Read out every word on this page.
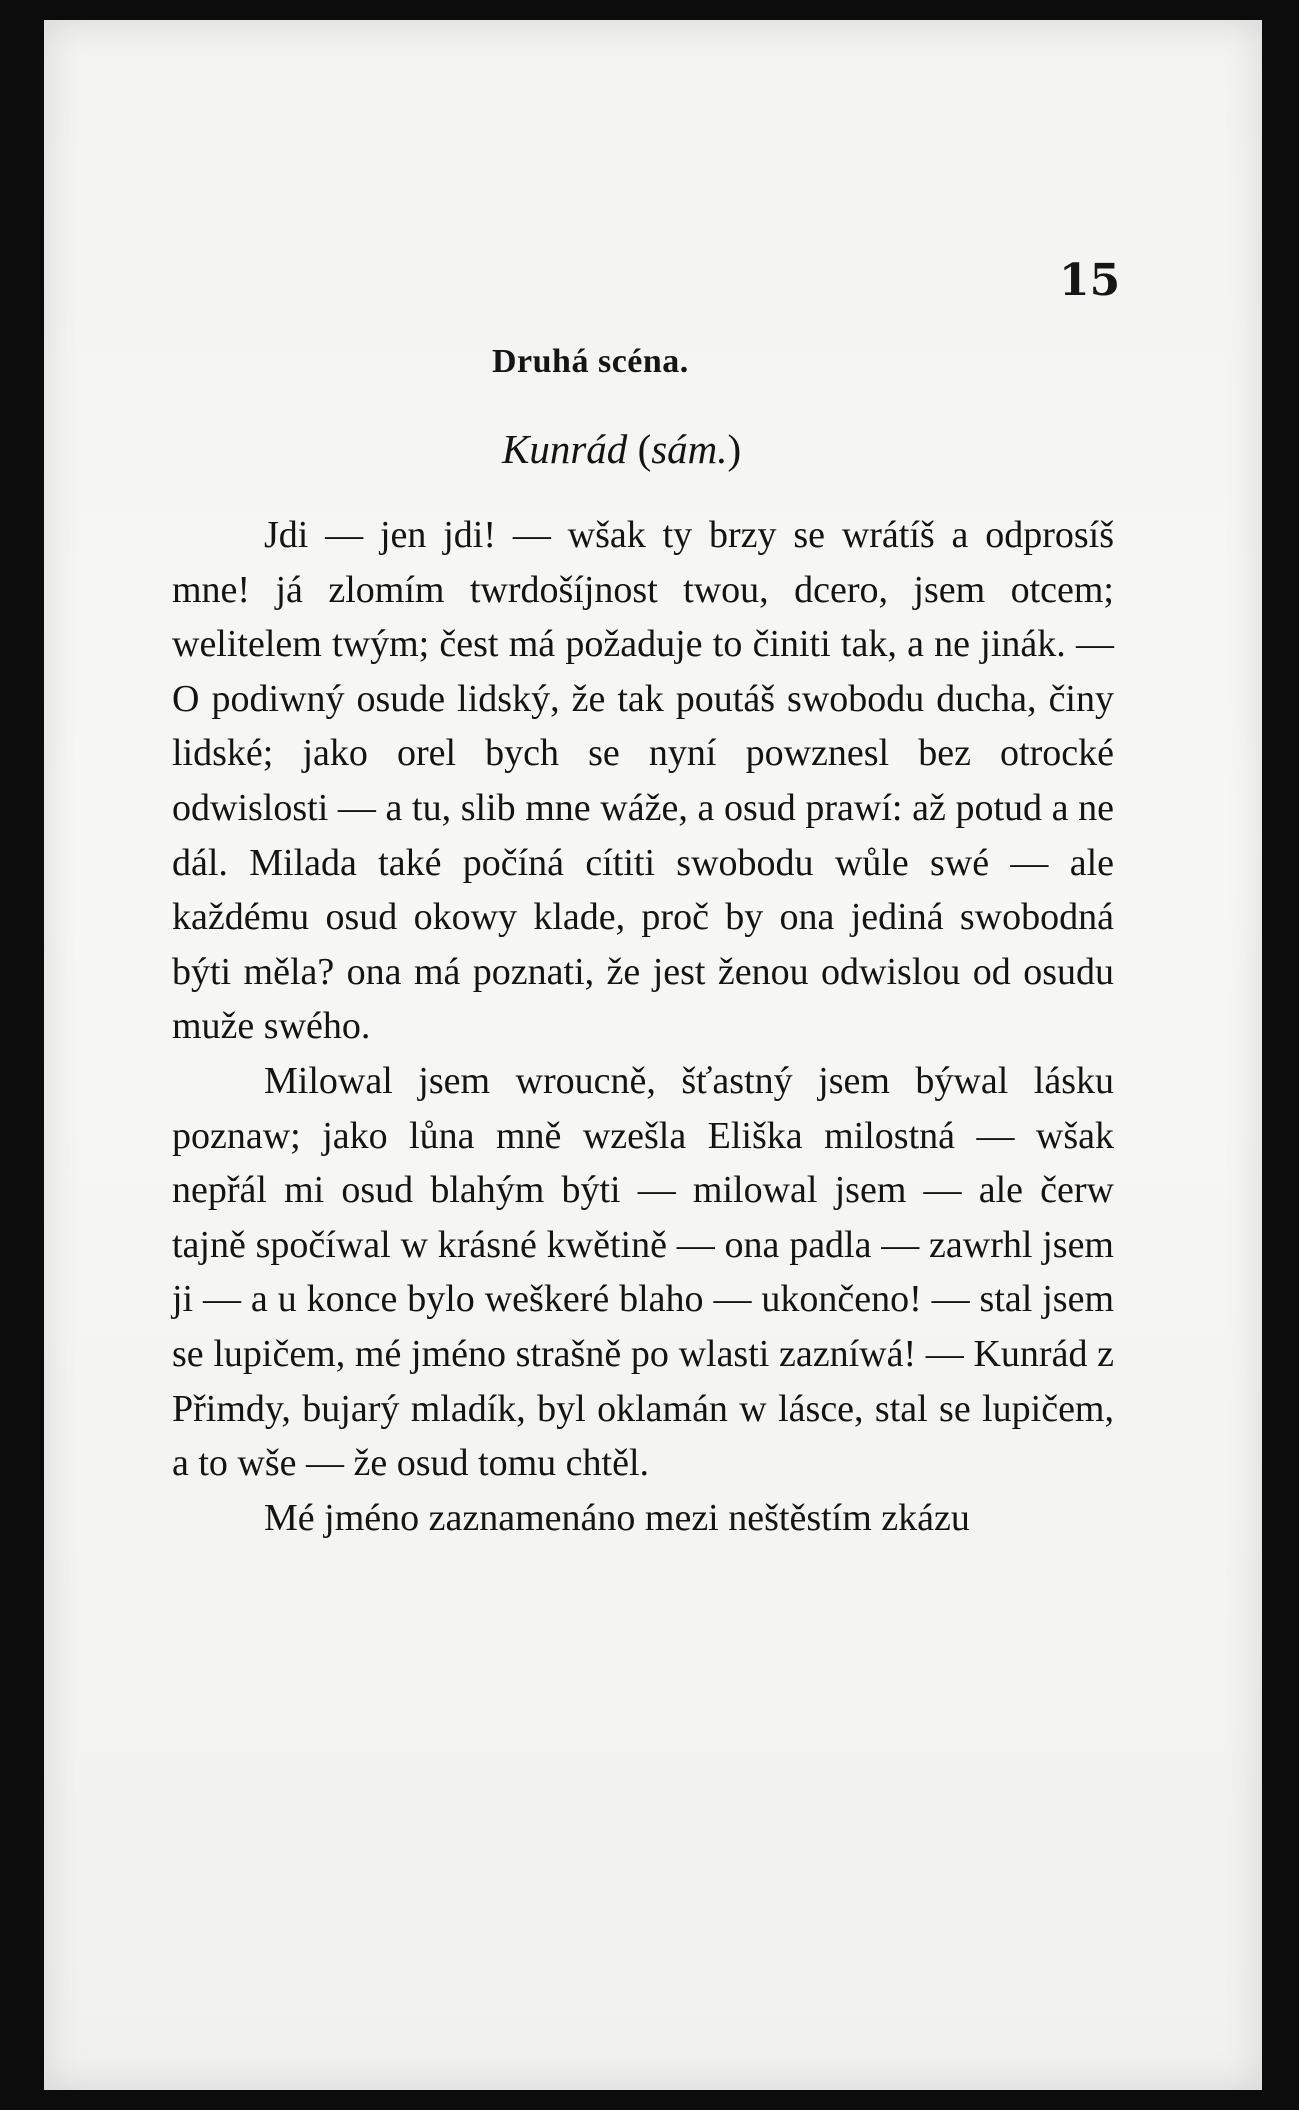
15

Druhá scéna.

Kunrád (sám.)

Jdi — jen jdi! — wšak ty brzy se wrátíš a odprosíš mne! já zlomím twrdošíjnost twou, dcero, jsem otcem; welitelem twým; čest má požaduje to činiti tak, a ne jinák. — O podiwný osude lidský, že tak poutáš swobodu ducha, činy lidské; jako orel bych se nyní powznesl bez otrocké odwislosti — a tu, slib mne wáže, a osud prawí: až potud a ne dál. Milada také počíná cítiti swobodu wůle swé — ale každému osud okowy klade, proč by ona jediná swobodná býti měla? ona má poznati, že jest ženou odwislou od osudu muže swého.

Milowal jsem wroucně, šťastný jsem býwal lásku poznaw; jako lůna mně wzešla Eliška milostná — wšak nepřál mi osud blahým býti — milowal jsem — ale čerw tajně spočíwal w krásné kwětině — ona padla — zawrhl jsem ji — a u konce bylo weškeré blaho — ukončeno! — stal jsem se lupičem, mé jméno strašně po wlasti zazníwá! — Kunrád z Přimdy, bujarý mladík, byl oklamán w lásce, stal se lupičem, a to wše — že osud tomu chtěl.

Mé jméno zaznamenáno mezi neštěstím zkázu
